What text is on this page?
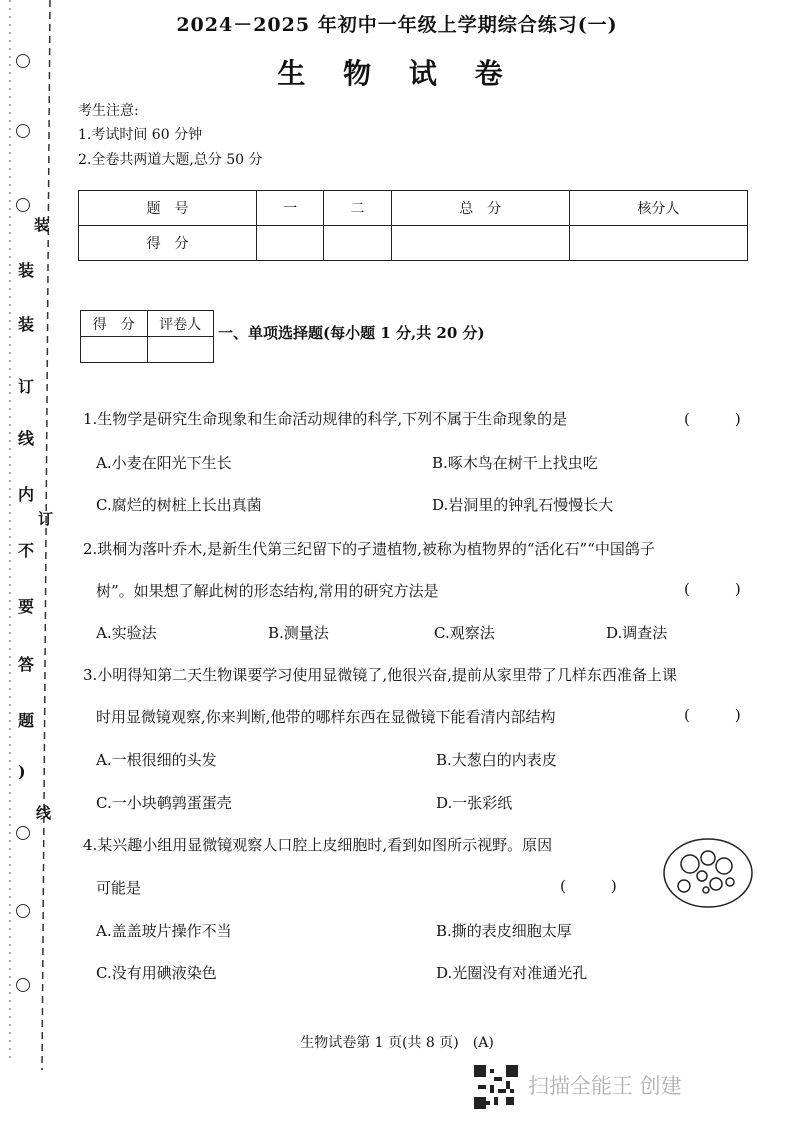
装
装
订
线
内
不
要
答
题
)
装
订
线
2024－2025 年初中一年级上学期综合练习(一)
生 物 试 卷
考生注意:
1.考试时间 60 分钟
2.全卷共两道大题,总分 50 分
题　号	一	二	总　分	核分人
得　分				
得　分	评卷人
	一、单项选择题(每小题 1 分,共 20 分)
1.生物学是研究生命现象和生命活动规律的科学,下列不属于生命现象的是	(　　　)
A.小麦在阳光下生长	B.啄木鸟在树干上找虫吃
C.腐烂的树桩上长出真菌	D.岩洞里的钟乳石慢慢长大
2.珙桐为落叶乔木,是新生代第三纪留下的孑遗植物,被称为植物界的“活化石”“中国鸽子
树”。如果想了解此树的形态结构,常用的研究方法是	(　　　)
A.实验法	B.测量法	C.观察法	D.调查法
3.小明得知第二天生物课要学习使用显微镜了,他很兴奋,提前从家里带了几样东西准备上课
时用显微镜观察,你来判断,他带的哪样东西在显微镜下能看清内部结构	(　　　)
A.一根很细的头发	B.大葱白的内表皮
C.一小块鹌鹑蛋蛋壳	D.一张彩纸
4.某兴趣小组用显微镜观察人口腔上皮细胞时,看到如图所示视野。原因
可能是	(　　　)
A.盖盖玻片操作不当	B.撕的表皮细胞太厚
C.没有用碘液染色	D.光圈没有对准通光孔
生物试卷第 1 页(共 8 页)　(A)
扫描全能王 创建
